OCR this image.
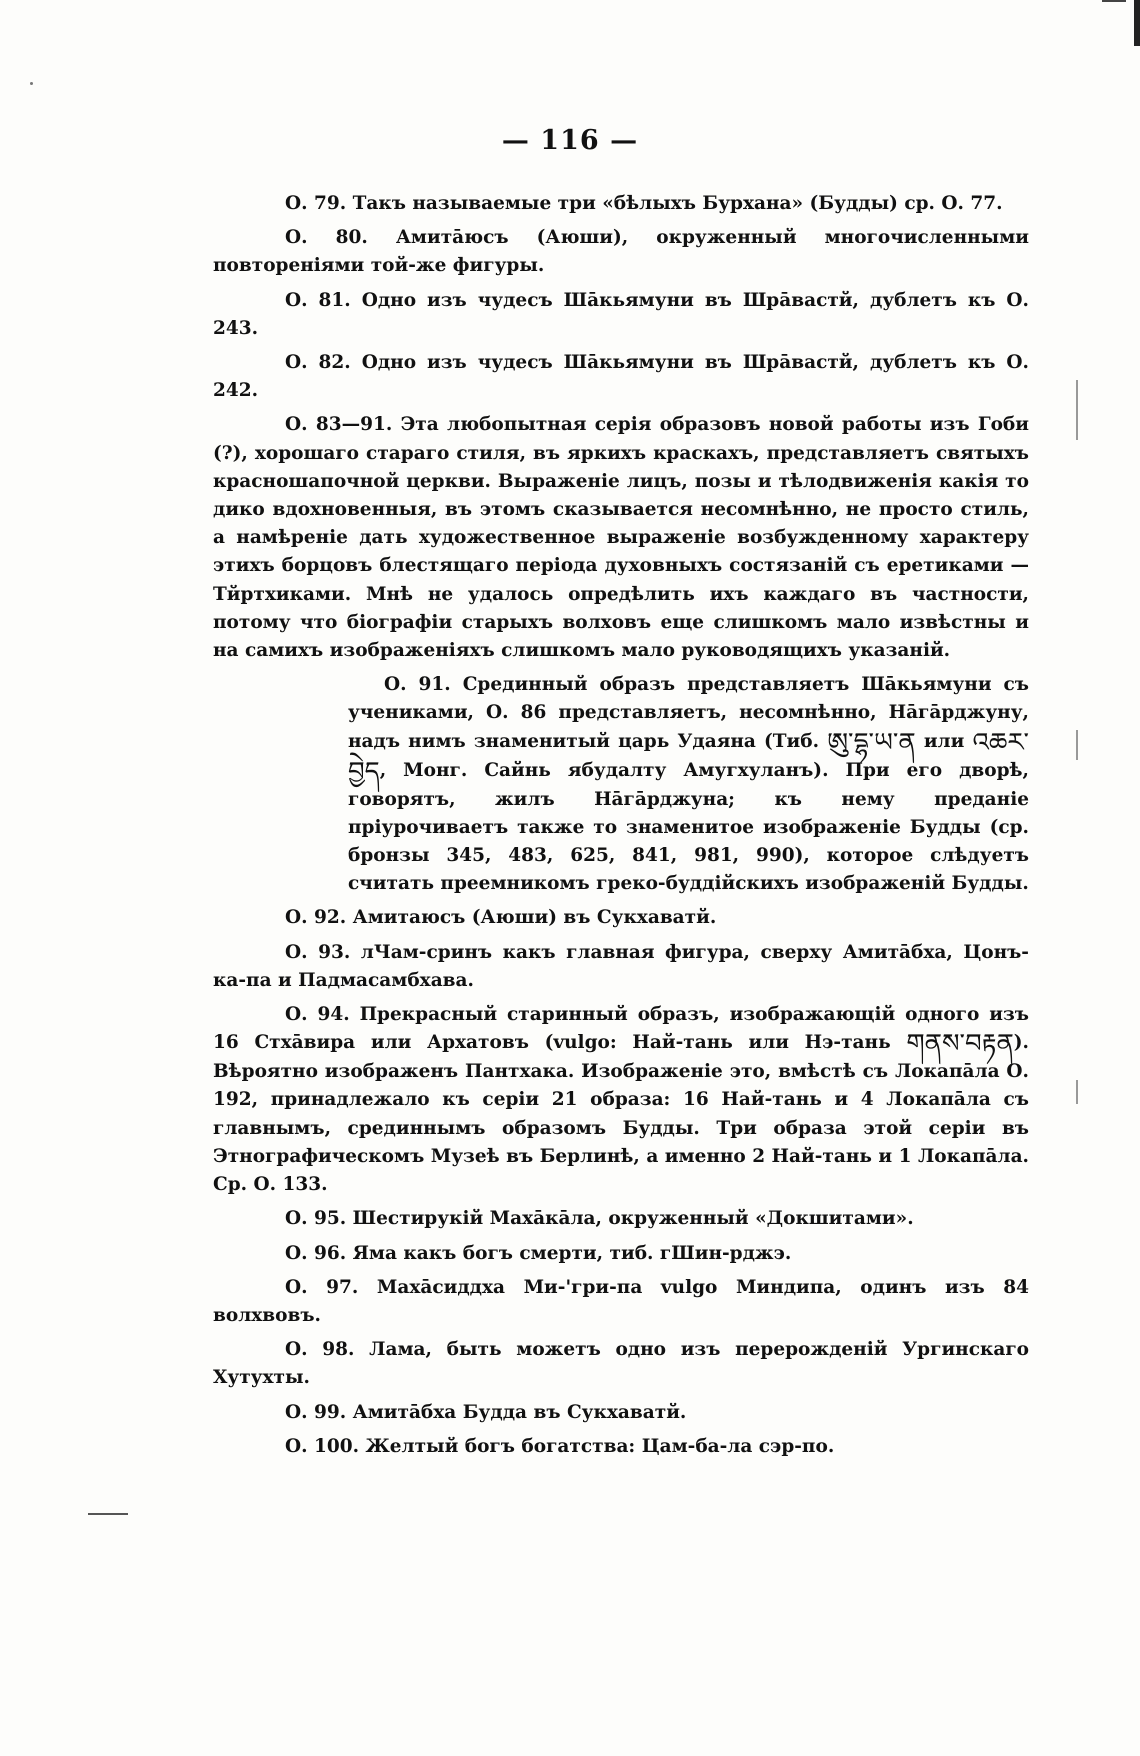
— 116 —

О. 79. Такъ называемые три «бѣлыхъ Бурхана» (Будды) ср. О. 77.

О. 80. Амитāюсъ (Аюши), окруженный многочисленными повтореніями той-же фигуры.

О. 81. Одно изъ чудесъ Шāкьямуни въ Шрāвастй, дублетъ къ О. 243.

О. 82. Одно изъ чудесъ Шāкьямуни въ Шрāвастй, дублетъ къ О. 242.

О. 83—91. Эта любопытная серія образовъ новой работы изъ Гоби (?), хорошаго стараго стиля, въ яркихъ краскахъ, представляетъ святыхъ красношапочной церкви. Выраженіе лицъ, позы и тѣлодвиженія какія то дико вдохновенныя, въ этомъ сказывается несомнѣнно, не просто стиль, а намѣреніе дать художественное выраженіе возбужденному характеру этихъ борцовъ блестящаго періода духовныхъ состязаній съ еретиками — Тйртхиками. Мнѣ не удалось опредѣлить ихъ каждаго въ частности, потому что біографіи старыхъ волховъ еще слишкомъ мало извѣстны и на самихъ изображеніяхъ слишкомъ мало руководящихъ указаній.

О. 91. Срединный образъ представляетъ Шāкьямуни съ учениками, О. 86 представляетъ, несомнѣнно, Нāгāрджуну, надъ нимъ знаменитый царь Удаяна (Тиб. ཨུ་དྷ་ཡ་ན или འཆར་བྱེད, Монг. Сайнь ябудалту Амугхуланъ). При его дворѣ, говорятъ, жилъ Нāгāрджуна; къ нему преданіе пріурочиваетъ также то знаменитое изображеніе Будды (ср. бронзы 345, 483, 625, 841, 981, 990), которое слѣдуетъ считать преемникомъ греко-буддійскихъ изображеній Будды.

О. 92. Амитаюсъ (Аюши) въ Сукхаватй.

О. 93. лЧам-сринъ какъ главная фигура, сверху Амитāбха, Цонъ-ка-па и Падмасамбхава.

О. 94. Прекрасный старинный образъ, изображающій одного изъ 16 Стхāвира или Архатовъ (vulgo: Най-тань или Нэ-тань གནས་བརྟན). Вѣроятно изображенъ Пантхака. Изображеніе это, вмѣстѣ съ Локапāла О. 192, принадлежало къ серіи 21 образа: 16 Най-тань и 4 Локапāла съ главнымъ, срединнымъ образомъ Будды. Три образа этой серіи въ Этнографическомъ Музеѣ въ Берлинѣ, а именно 2 Най-тань и 1 Локапāла. Ср. О. 133.

О. 95. Шестирукій Махāкāла, окруженный «Докшитами».

О. 96. Яма какъ богъ смерти, тиб. гШин-рджэ.

О. 97. Махāсиддха Ми-'гри-па vulgo Миндипа, одинъ изъ 84 волхвовъ.

О. 98. Лама, быть можетъ одно изъ перерожденій Ургинскаго Хутухты.

О. 99. Амитāбха Будда въ Сукхаватй.

О. 100. Желтый богъ богатства: Цам-ба-ла сэр-по.
